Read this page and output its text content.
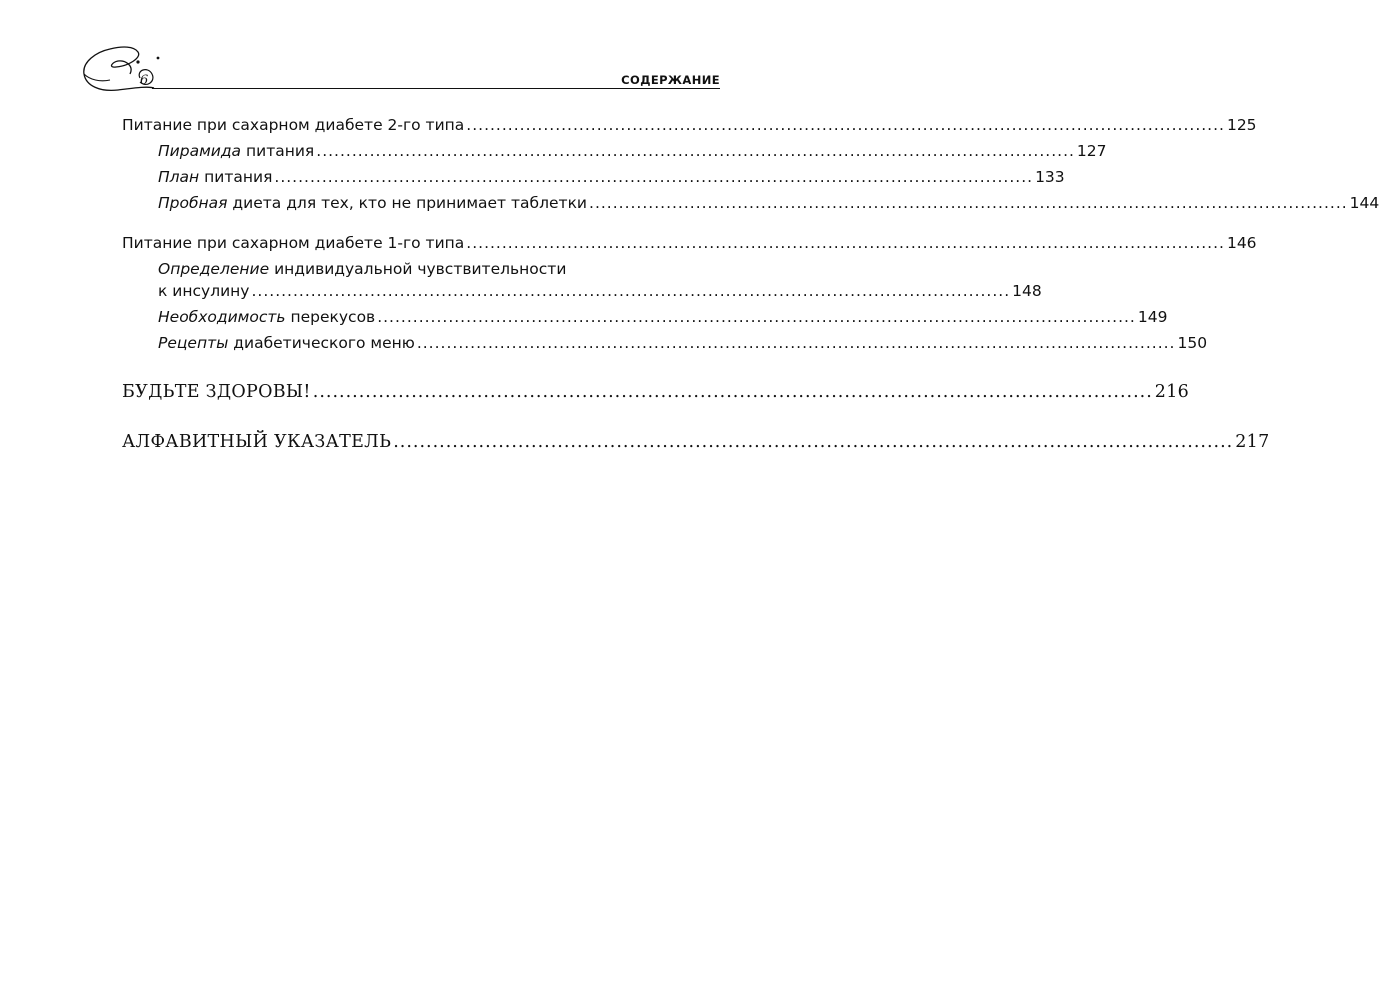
6	СОДЕРЖАНИЕ
Питание при сахарном диабете 2-го типа ................................................................................................................................ 125
Пирамида питания ................................................................................................................................ 127
План питания ................................................................................................................................ 133
Пробная диета для тех, кто не принимает таблетки ................................................................................................................................ 144
Питание при сахарном диабете 1-го типа ................................................................................................................................ 146
Определение индивидуальной чувствительности
к инсулину ................................................................................................................................ 148
Необходимость перекусов ................................................................................................................................ 149
Рецепты диабетического меню ................................................................................................................................ 150
БУДЬТЕ ЗДОРОВЫ! ................................................................................................................................ 216
АЛФАВИТНЫЙ УКАЗАТЕЛЬ ................................................................................................................................ 217
